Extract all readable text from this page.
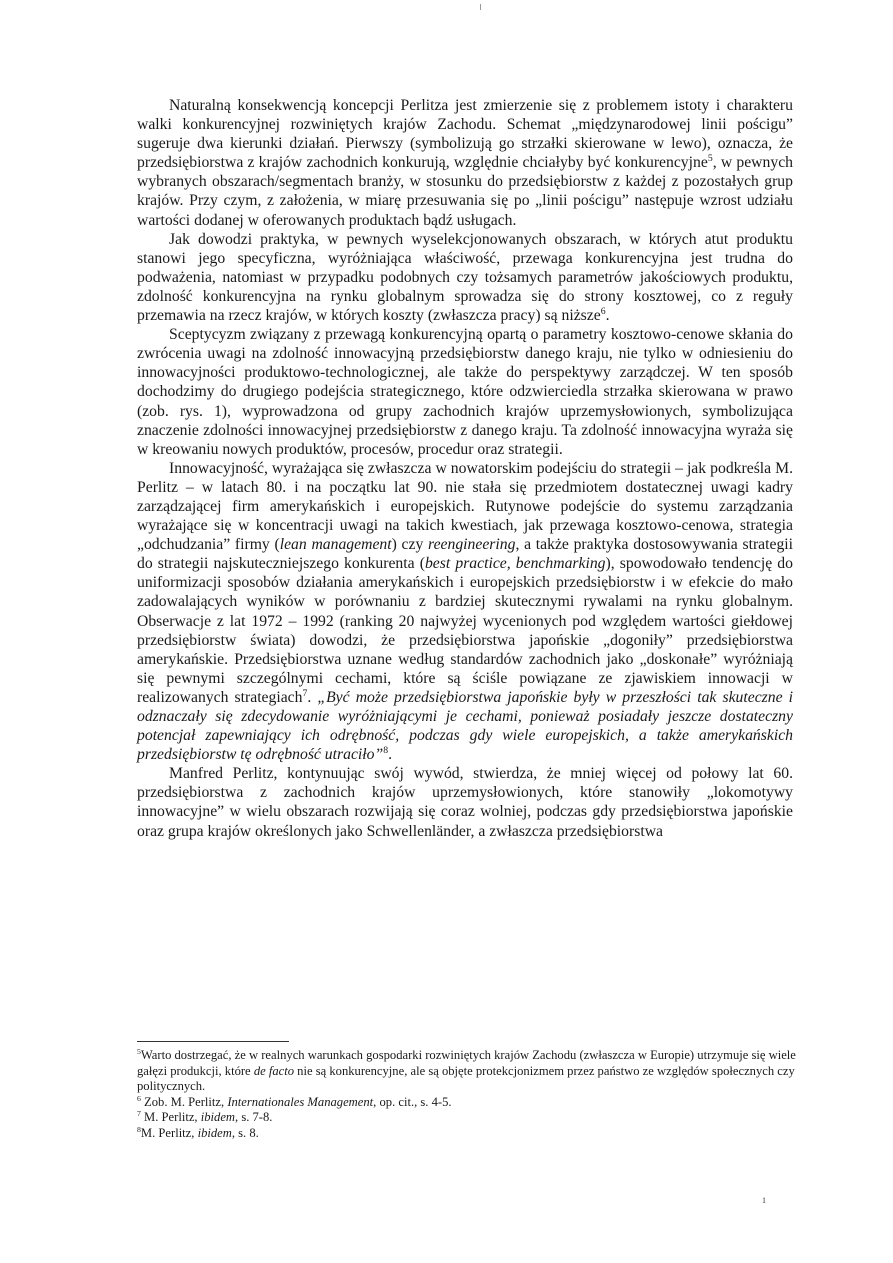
Naturalną konsekwencją koncepcji Perlitza jest zmierzenie się z problemem istoty i charakteru walki konkurencyjnej rozwiniętych krajów Zachodu. Schemat „międzynarodowej linii pościgu” sugeruje dwa kierunki działań. Pierwszy (symbolizują go strzałki skierowane w lewo), oznacza, że przedsiębiorstwa z krajów zachodnich konkurują, względnie chciałyby być konkurencyjne$^5$, w pewnych wybranych obszarach/segmentach branży, w stosunku do przedsiębiorstw z każdej z pozostałych grup krajów. Przy czym, z założenia, w miarę przesuwania się po „linii pościgu” następuje wzrost udziału wartości dodanej w oferowanych produktach bądź usługach.

Jak dowodzi praktyka, w pewnych wyselekcjonowanych obszarach, w których atut produktu stanowi jego specyficzna, wyróżniająca właściwość, przewaga konkurencyjna jest trudna do podważenia, natomiast w przypadku podobnych czy tożsamych parametrów jakościowych produktu, zdolność konkurencyjna na rynku globalnym sprowadza się do strony kosztowej, co z reguły przemawia na rzecz krajów, w których koszty (zwłaszcza pracy) są niższe$^6$.

Sceptycyzm związany z przewagą konkurencyjną opartą o parametry kosztowo-cenowe skłania do zwrócenia uwagi na zdolność innowacyjną przedsiębiorstw danego kraju, nie tylko w odniesieniu do innowacyjności produktowo-technologicznej, ale także do perspektywy zarządczej. W ten sposób dochodzimy do drugiego podejścia strategicznego, które odzwierciedla strzałka skierowana w prawo (zob. rys. 1), wyprowadzona od grupy zachodnich krajów uprzemysłowionych, symbolizująca znaczenie zdolności innowacyjnej przedsiębiorstw z danego kraju. Ta zdolność innowacyjna wyraża się w kreowaniu nowych produktów, procesów, procedur oraz strategii.

Innowacyjność, wyrażająca się zwłaszcza w nowatorskim podejściu do strategii – jak podkreśla M. Perlitz – w latach 80. i na początku lat 90. nie stała się przedmiotem dostatecznej uwagi kadry zarządzającej firm amerykańskich i europejskich. Rutynowe podejście do systemu zarządzania wyrażające się w koncentracji uwagi na takich kwestiach, jak przewaga kosztowo-cenowa, strategia „odchudzania” firmy (lean management) czy reengineering, a także praktyka dostosowywania strategii do strategii najskuteczniejszego konkurenta (best practice, benchmarking), spowodowało tendencję do uniformizacji sposobów działania amerykańskich i europejskich przedsiębiorstw i w efekcie do mało zadowalających wyników w porównaniu z bardziej skutecznymi rywalami na rynku globalnym. Obserwacje z lat 1972 – 1992 (ranking 20 najwyżej wycenionych pod względem wartości giełdowej przedsiębiorstw świata) dowodzi, że przedsiębiorstwa japońskie „dogoniły” przedsiębiorstwa amerykańskie. Przedsiębiorstwa uznane według standardów zachodnich jako „doskonałe” wyróżniają się pewnymi szczególnymi cechami, które są ściśle powiązane ze zjawiskiem innowacji w realizowanych strategiach$^7$. „Być może przedsiębiorstwa japońskie były w przeszłości tak skuteczne i odznaczały się zdecydowanie wyróżniającymi je cechami, ponieważ posiadały jeszcze dostateczny potencjał zapewniający ich odrębność, podczas gdy wiele europejskich, a także amerykańskich przedsiębiorstw tę odrębność utraciło”$^8$.

Manfred Perlitz, kontynuując swój wywód, stwierdza, że mniej więcej od połowy lat 60. przedsiębiorstwa z zachodnich krajów uprzemysłowionych, które stanowiły „lokomotywy innowacyjne” w wielu obszarach rozwijają się coraz wolniej, podczas gdy przedsiębiorstwa japońskie oraz grupa krajów określonych jako Schwellenländer, a zwłaszcza przedsiębiorstwa

$^5$Warto dostrzegać, że w realnych warunkach gospodarki rozwiniętych krajów Zachodu (zwłaszcza w Europie) utrzymuje się wiele gałęzi produkcji, które de facto nie są konkurencyjne, ale są objęte protekcjonizmem przez państwo ze względów społecznych czy politycznych.

$^6$ Zob. M. Perlitz, Internationales Management, op. cit., s. 4-5.

$^7$ M. Perlitz, ibidem, s. 7-8.

$^8$M. Perlitz, ibidem, s. 8.

1
